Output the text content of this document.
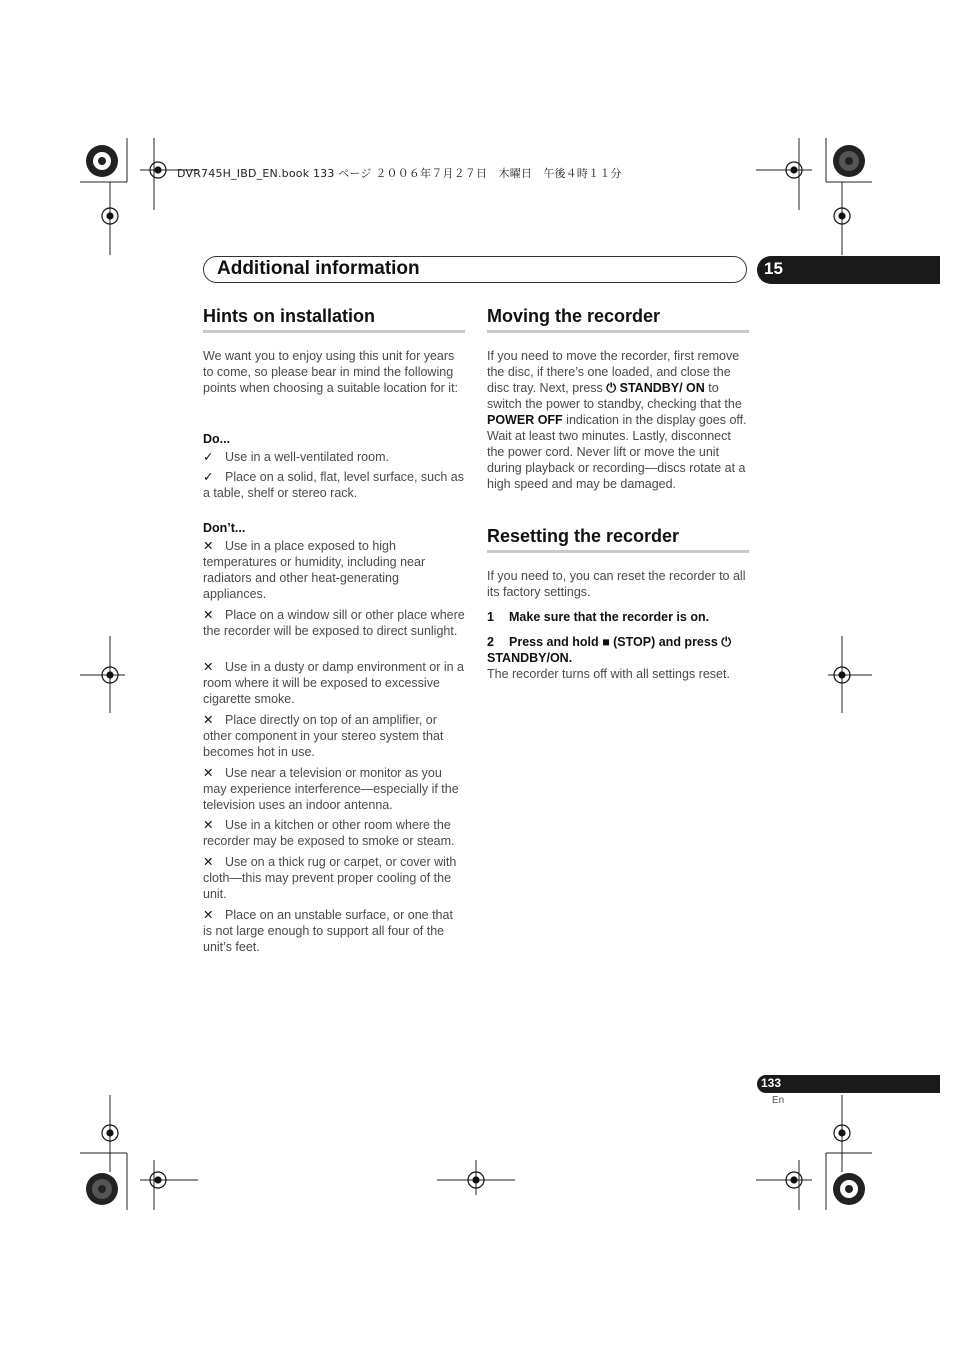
DVR745H_IBD_EN.book 133 ページ ２００６年７月２７日　木曜日　午後４時１１分
Additional information	15
Hints on installation
We want you to enjoy using this unit for years to come, so please bear in mind the following points when choosing a suitable location for it:
Do...
✓ Use in a well-ventilated room.
✓ Place on a solid, flat, level surface, such as a table, shelf or stereo rack.
Don’t...
✕ Use in a place exposed to high temperatures or humidity, including near radiators and other heat-generating appliances.
✕ Place on a window sill or other place where the recorder will be exposed to direct sunlight.
✕ Use in a dusty or damp environment or in a room where it will be exposed to excessive cigarette smoke.
✕ Place directly on top of an amplifier, or other component in your stereo system that becomes hot in use.
✕ Use near a television or monitor as you may experience interference—especially if the television uses an indoor antenna.
✕ Use in a kitchen or other room where the recorder may be exposed to smoke or steam.
✕ Use on a thick rug or carpet, or cover with cloth—this may prevent proper cooling of the unit.
✕ Place on an unstable surface, or one that is not large enough to support all four of the unit’s feet.
Moving the recorder
If you need to move the recorder, first remove the disc, if there’s one loaded, and close the disc tray. Next, press ⏻ STANDBY/ ON to switch the power to standby, checking that the POWER OFF indication in the display goes off. Wait at least two minutes. Lastly, disconnect the power cord. Never lift or move the unit during playback or recording—discs rotate at a high speed and may be damaged.
Resetting the recorder
If you need to, you can reset the recorder to all its factory settings.
1 Make sure that the recorder is on.
2 Press and hold ■ (STOP) and press ⏻ STANDBY/ON.
The recorder turns off with all settings reset.
133
En
